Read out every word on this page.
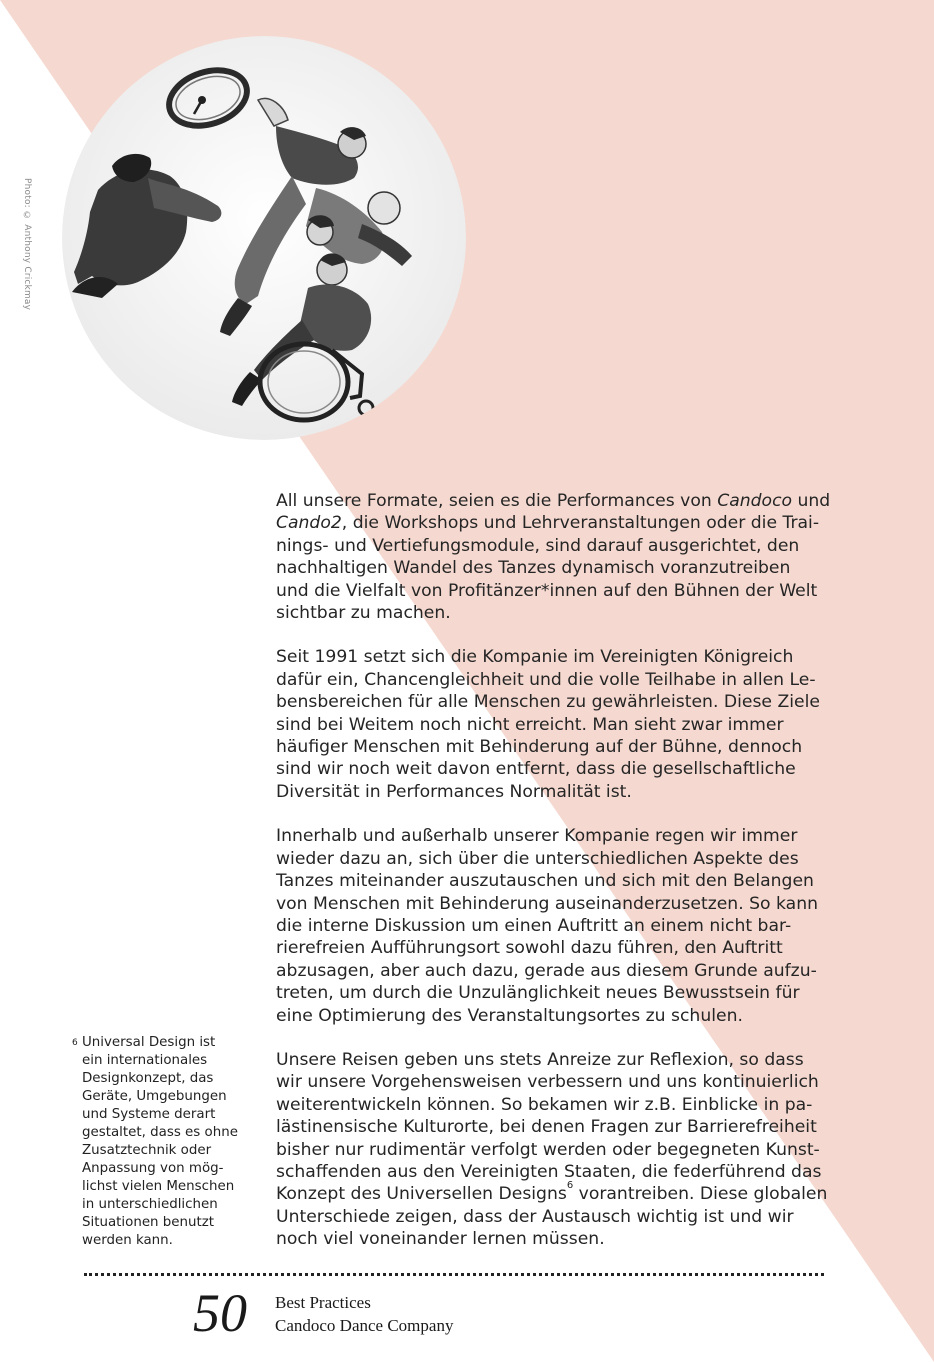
Photo: © Anthony Crickmay

All unsere Formate, seien es die Performances von Candoco und
Cando2, die Workshops und Lehrveranstaltungen oder die Trai-
nings- und Vertiefungsmodule, sind darauf ausgerichtet, den
nachhaltigen Wandel des Tanzes dynamisch voranzutreiben
und die Vielfalt von Profitänzer*innen auf den Bühnen der Welt
sichtbar zu machen.

Seit 1991 setzt sich die Kompanie im Vereinigten Königreich
dafür ein, Chancengleichheit und die volle Teilhabe in allen Le-
bensbereichen für alle Menschen zu gewährleisten. Diese Ziele
sind bei Weitem noch nicht erreicht. Man sieht zwar immer
häufiger Menschen mit Behinderung auf der Bühne, dennoch
sind wir noch weit davon entfernt, dass die gesellschaftliche
Diversität in Performances Normalität ist.

Innerhalb und außerhalb unserer Kompanie regen wir immer
wieder dazu an, sich über die unterschiedlichen Aspekte des
Tanzes miteinander auszutauschen und sich mit den Belangen
von Menschen mit Behinderung auseinanderzusetzen. So kann
die interne Diskussion um einen Auftritt an einem nicht bar-
rierefreien Aufführungsort sowohl dazu führen, den Auftritt
abzusagen, aber auch dazu, gerade aus diesem Grunde aufzu-
treten, um durch die Unzulänglichkeit neues Bewusstsein für
eine Optimierung des Veranstaltungsortes zu schulen.

Unsere Reisen geben uns stets Anreize zur Reflexion, so dass
wir unsere Vorgehensweisen verbessern und uns kontinuierlich
weiterentwickeln können. So bekamen wir z.B. Einblicke in pa-
lästinensische Kulturorte, bei denen Fragen zur Barrierefreiheit
bisher nur rudimentär verfolgt werden oder begegneten Kunst-
schaffenden aus den Vereinigten Staaten, die federführend das
Konzept des Universellen Designs$^6$ vorantreiben. Diese globalen
Unterschiede zeigen, dass der Austausch wichtig ist und wir
noch viel voneinander lernen müssen.

6 Universal Design ist
ein internationales
Designkonzept, das
Geräte, Umgebungen
und Systeme derart
gestaltet, dass es ohne
Zusatztechnik oder
Anpassung von mög-
lichst vielen Menschen
in unterschiedlichen
Situationen benutzt
werden kann.
50 Best Practices
Candoco Dance Company
